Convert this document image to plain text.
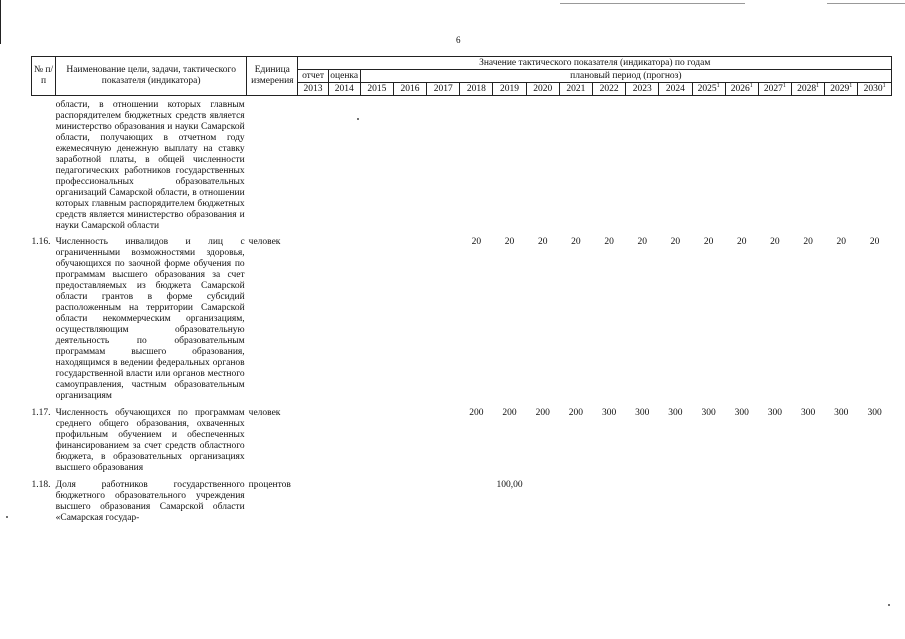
6
№ п/п	Наименование цели, задачи, тактического показателя (индикатора)	Единица измерения	Значение тактического показателя (индикатора) по годам																	
			отчет	оценка	плановый период (прогноз)															
			2013	2014	2015	2016	2017	2018	2019	2020	2021	2022	2023	2024	2025$^1$	2026$^1$	2027$^1$	2028$^1$	2029$^1$	2030$^1$
	области, в отношении которых главным распорядителем бюджетных средств является министерство образования и науки Самарской области, получающих в отчетном году ежемесячную денежную выплату на ставку заработной платы, в общей численности педагогических работников государственных профессиональных образовательных организаций Самарской области, в отношении которых главным распорядителем бюджетных средств является министерство образования и науки Самарской области																			
1.16.	Численность инвалидов и лиц с ограниченными возможностями здоровья, обучающихся по заочной форме обучения по программам высшего образования за счет предоставляемых из бюджета Самарской области грантов в форме субсидий расположенным на территории Самарской области некоммерческим организациям, осуществляющим образовательную деятельность по образовательным программам высшего образования, находящимся в ведении федеральных органов государственной власти или органов местного самоуправления, частным образовательным организациям	человек						20	20	20	20	20	20	20	20	20	20	20	20	20
1.17.	Численность обучающихся по программам среднего общего образования, охваченных профильным обучением и обеспеченных финансированием за счет средств областного бюджета, в образовательных организациях высшего образования	человек						200	200	200	200	300	300	300	300	300	300	300	300	300
1.18.	Доля работников государственного бюджетного образовательного учреждения высшего образования Самарской области «Самарская государ-	процентов							100,00											
